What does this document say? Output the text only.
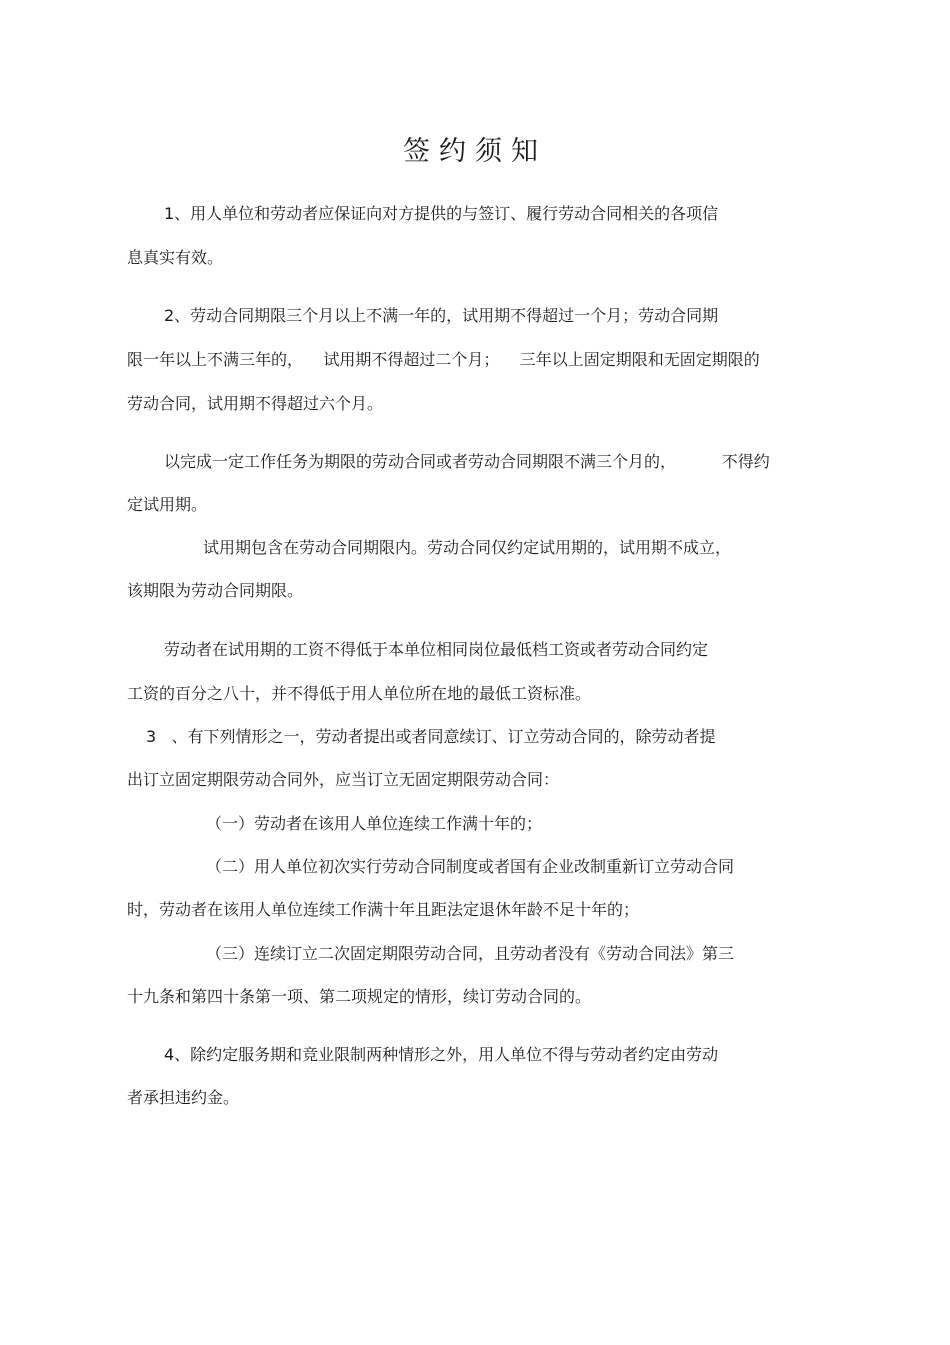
签约须知
1、用人单位和劳动者应保证向对方提供的与签订、履行劳动合同相关的各项信
息真实有效。
2、劳动合同期限三个月以上不满一年的，试用期不得超过一个月；劳动合同期
限一年以上不满三年的，    试用期不得超过二个月；    三年以上固定期限和无固定期限的
劳动合同，试用期不得超过六个月。
以完成一定工作任务为期限的劳动合同或者劳动合同期限不满三个月的，         不得约
定试用期。
试用期包含在劳动合同期限内。劳动合同仅约定试用期的，试用期不成立，
该期限为劳动合同期限。
劳动者在试用期的工资不得低于本单位相同岗位最低档工资或者劳动合同约定
工资的百分之八十，并不得低于用人单位所在地的最低工资标准。
3   、有下列情形之一，劳动者提出或者同意续订、订立劳动合同的，除劳动者提
出订立固定期限劳动合同外，应当订立无固定期限劳动合同：
（一）劳动者在该用人单位连续工作满十年的；
（二）用人单位初次实行劳动合同制度或者国有企业改制重新订立劳动合同
时，劳动者在该用人单位连续工作满十年且距法定退休年龄不足十年的；
（三）连续订立二次固定期限劳动合同，且劳动者没有《劳动合同法》第三
十九条和第四十条第一项、第二项规定的情形，续订劳动合同的。
4、除约定服务期和竞业限制两种情形之外，用人单位不得与劳动者约定由劳动
者承担违约金。
